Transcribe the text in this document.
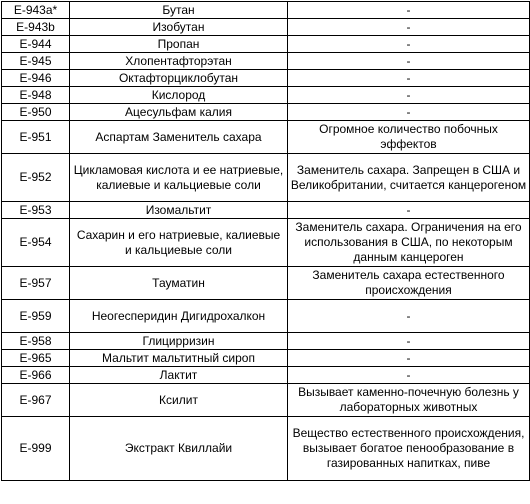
E-943a*	Бутан	-
E-943b	Изобутан	-
E-944	Пропан	-
E-945	Хлопентафторэтан	-
E-946	Октафторциклобутан	-
E-948	Кислород	-
E-950	Ацесульфам калия	-
E-951	Аспартам Заменитель сахара	Огромное количество побочных эффектов
E-952	Цикламовая кислота и ее натриевые, калиевые и кальциевые соли	Заменитель сахара. Запрещен в США и Великобритании, считается канцерогеном
E-953	Изомальтит	-
E-954	Сахарин и его натриевые, калиевые и кальциевые соли	Заменитель сахара. Ограничения на его использования в США, по некоторым данным канцероген
E-957	Тауматин	Заменитель сахара естественного происхождения
E-959	Неогесперидин Дигидрохалкон	-
E-958	Глицирризин	-
E-965	Мальтит мальтитный сироп	-
E-966	Лактит	-
E-967	Ксилит	Вызывает каменно-почечную болезнь у лабораторных животных
E-999	Экстракт Квиллайи	Вещество естественного происхождения, вызывает богатое пенообразование в газированных напитках, пиве
